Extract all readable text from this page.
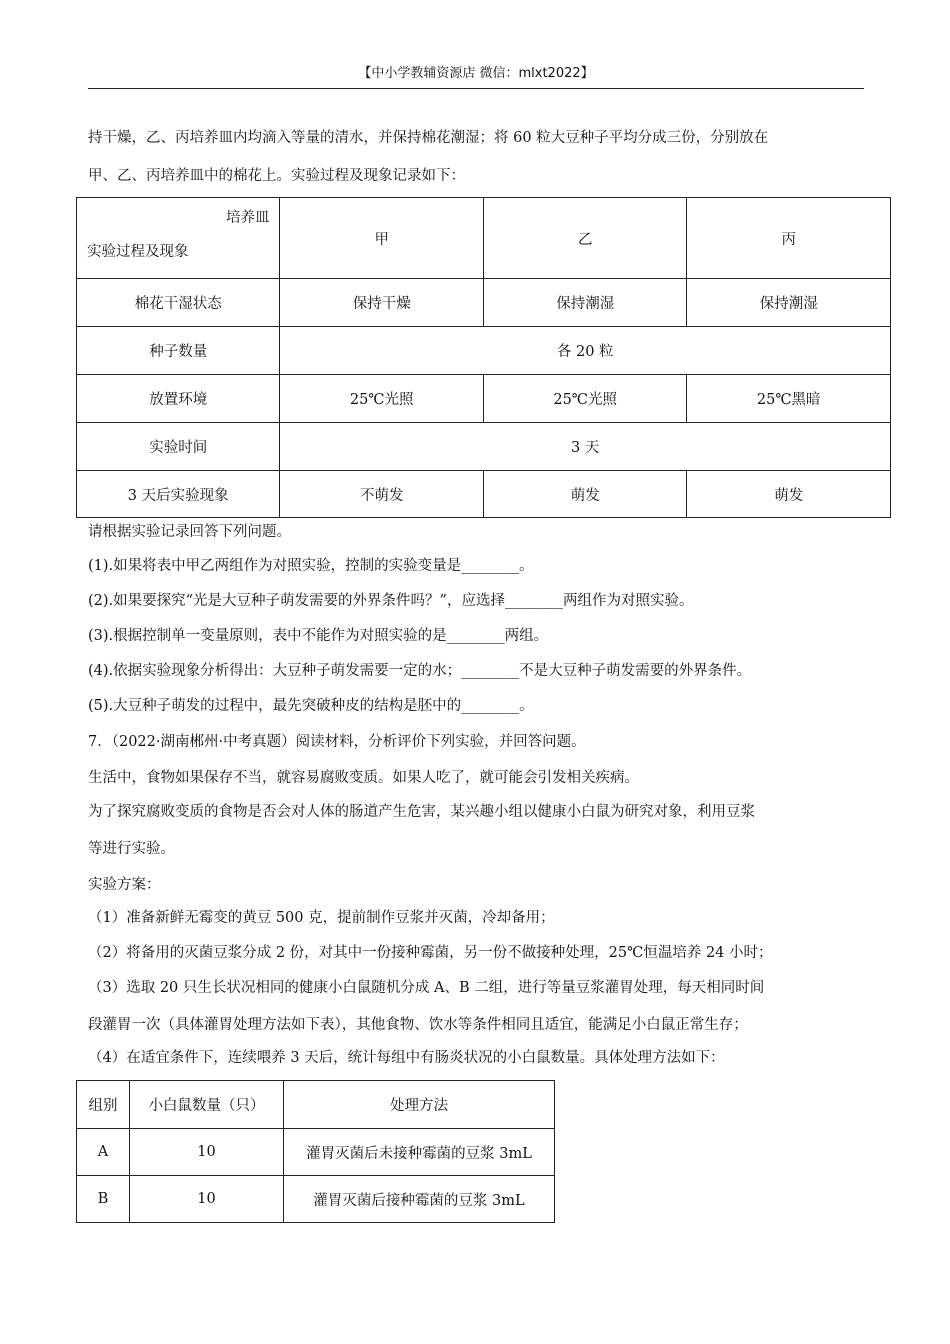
【中小学教辅资源店 微信：mlxt2022】
持干燥，乙、丙培养皿内均滴入等量的清水，并保持棉花潮湿；将 60 粒大豆种子平均分成三份，分别放在
甲、乙、丙培养皿中的棉花上。实验过程及现象记录如下：
培养皿
实验过程及现象	甲	乙	丙
棉花干湿状态	保持干燥	保持潮湿	保持潮湿
种子数量	各 20 粒		
放置环境	25℃光照	25℃光照	25℃黑暗
实验时间	3 天		
3 天后实验现象	不萌发	萌发	萌发
请根据实验记录回答下列问题。
(1).如果将表中甲乙两组作为对照实验，控制的实验变量是________。
(2).如果要探究“光是大豆种子萌发需要的外界条件吗？”，应选择________两组作为对照实验。
(3).根据控制单一变量原则，表中不能作为对照实验的是________两组。
(4).依据实验现象分析得出：大豆种子萌发需要一定的水；________不是大豆种子萌发需要的外界条件。
(5).大豆种子萌发的过程中，最先突破种皮的结构是胚中的________。
7．（2022·湖南郴州·中考真题）阅读材料，分析评价下列实验，并回答问题。
生活中，食物如果保存不当，就容易腐败变质。如果人吃了，就可能会引发相关疾病。
为了探究腐败变质的食物是否会对人体的肠道产生危害，某兴趣小组以健康小白鼠为研究对象，利用豆浆
等进行实验。
实验方案：
（1）准备新鲜无霉变的黄豆 500 克，提前制作豆浆并灭菌，冷却备用；
（2）将备用的灭菌豆浆分成 2 份，对其中一份接种霉菌，另一份不做接种处理，25℃恒温培养 24 小时；
（3）选取 20 只生长状况相同的健康小白鼠随机分成 A、B 二组，进行等量豆浆灌胃处理，每天相同时间
段灌胃一次（具体灌胃处理方法如下表），其他食物、饮水等条件相同且适宜，能满足小白鼠正常生存；
（4）在适宜条件下，连续喂养 3 天后，统计每组中有肠炎状况的小白鼠数量。具体处理方法如下：
组别	小白鼠数量（只）	处理方法
A	10	灌胃灭菌后未接种霉菌的豆浆 3mL
B	10	灌胃灭菌后接种霉菌的豆浆 3mL
